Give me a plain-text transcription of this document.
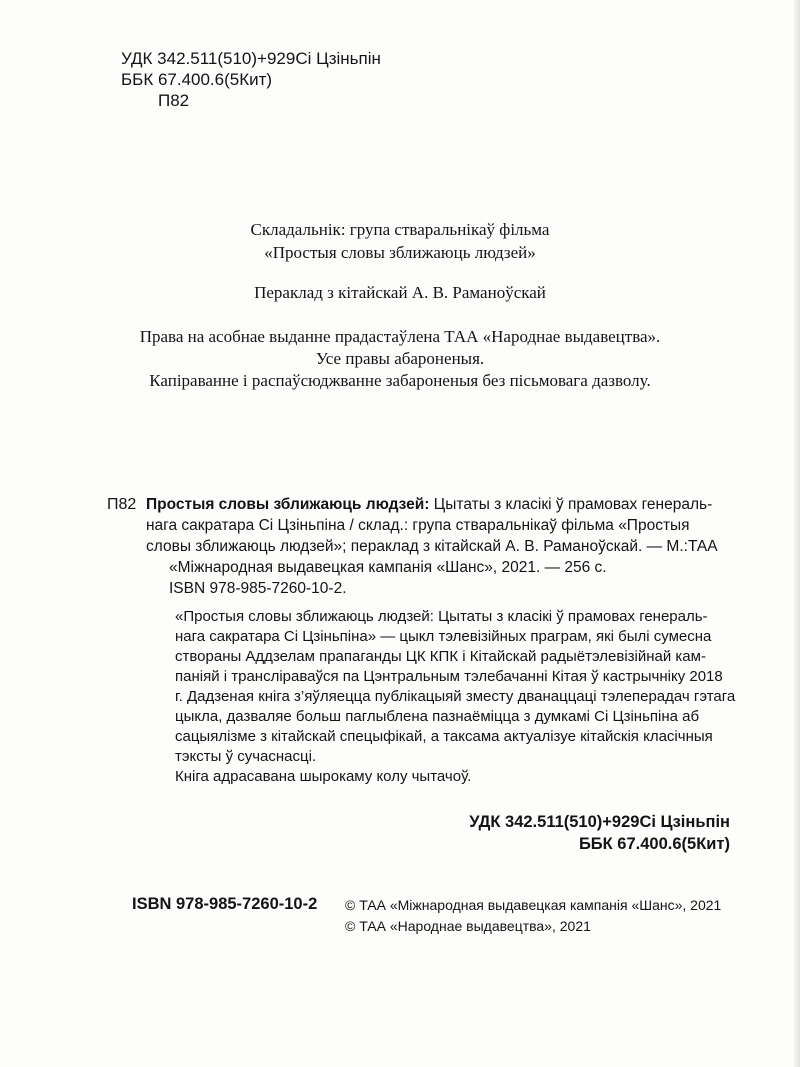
УДК 342.511(510)+929Сі Цзіньпін
ББК 67.400.6(5Кит)
П82
Складальнік: група стваральнікаў фільма
«Простыя словы зближаюць людзей»
Пераклад з кітайскай А. В. Раманоўскай
Права на асобнае выданне прадастаўлена ТАА «Народнае выдавецтва».
Усе правы абароненыя.
Капіраванне і распаўсюджванне забароненыя без пісьмовага дазволу.
П82 Простыя словы зближаюць людзей: Цытаты з класікі ў прамовах генераль-
нага сакратара Сі Цзіньпіна / склад.: група стваральнікаў фільма «Простыя
словы зближаюць людзей»; пераклад з кітайскай А. В. Раманоўскай. — М.:ТАА
«Міжнародная выдавецкая кампанія «Шанс», 2021. — 256 с.
ISBN 978-985-7260-10-2.
«Простыя словы зближаюць людзей: Цытаты з класікі ў прамовах генераль-
нага сакратара Сі Цзіньпіна» — цыкл тэлевізійных праграм, які былі сумесна
створаны Аддзелам прапаганды ЦК КПК і Кітайскай радыётэлевізійнай кам-
паніяй і трансліраваўся па Цэнтральным тэлебачанні Кітая ў кастрычніку 2018
г. Дадзеная кніга з’яўляецца публікацыяй зместу дванаццаці тэлеперадач гэтага
цыкла, дазваляе больш паглыблена пазнаёміцца з думкамі Сі Цзіньпіна аб
сацыялізме з кітайскай спецыфікай, а таксама актуалізуе кітайскія класічныя
тэксты ў сучаснасці.
Кніга адрасавана шырокаму колу чытачоў.
УДК 342.511(510)+929Сі Цзіньпін
ББК 67.400.6(5Кит)
ISBN 978-985-7260-10-2 © ТАА «Міжнародная выдавецкая кампанія «Шанс», 2021
© ТАА «Народнае выдавецтва», 2021
